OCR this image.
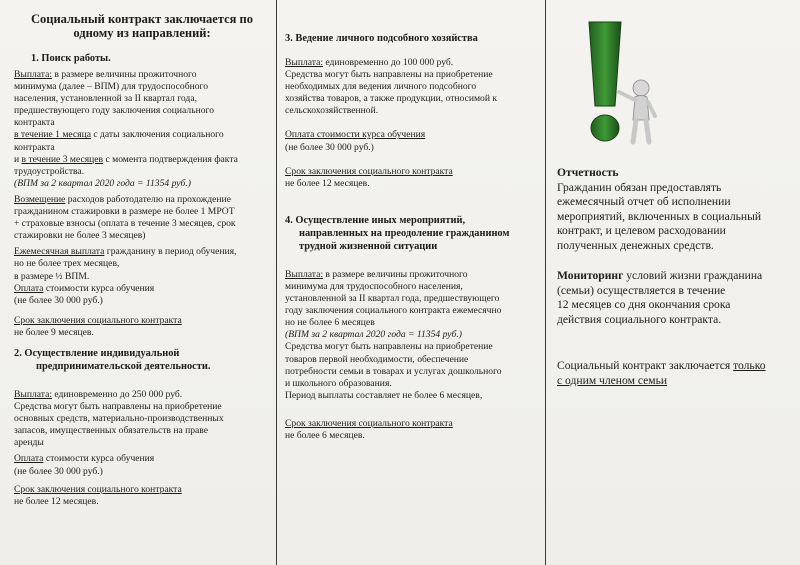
Социальный контракт заключается по
одному из направлений:
1. Поиск работы.

Выплата: в размере величины прожиточного
минимума (далее – ВПМ) для трудоспособного
населения, установленной за II квартал года,
предшествующего году заключения социального
контракта
в течение 1 месяца с даты заключения социального
контракта
и в течение 3 месяцев с момента подтверждения факта
трудоустройства.
(ВПМ за 2 квартал 2020 года = 11354 руб.)

Возмещение расходов работодателю на прохождение
гражданином стажировки в размере не более 1 МРОТ
+ страховые взносы (оплата в течение 3 месяцев, срок
стажировки не более 3 месяцев)

Ежемесячная выплата гражданину в период обучения,
но не более трех месяцев,
в размере ½ ВПМ.
Оплата стоимости курса обучения
(не более 30 000 руб.)

Срок заключения социального контракта
не более 9 месяцев.

2. Осуществление индивидуальной
предпринимательской деятельности.

Выплата: единовременно до 250 000 руб.
Средства могут быть направлены на приобретение
основных средств, материально-производственных
запасов, имущественных обязательств на праве
аренды

Оплата стоимости курса обучения
(не более 30 000 руб.)

Срок заключения социального контракта
не более 12 месяцев.

3. Ведение личного подсобного хозяйства

Выплата: единовременно до 100 000 руб.
Средства могут быть направлены на приобретение
необходимых для ведения личного подсобного
хозяйства товаров, а также продукции, относимой к
сельскохозяйственной.

Оплата стоимости курса обучения
(не более 30 000 руб.)

Срок заключения социального контракта
не более 12 месяцев.

4. Осуществление иных мероприятий,
направленных на преодоление гражданином
трудной жизненной ситуации

Выплата: в размере величины прожиточного
минимума для трудоспособного населения,
установленной за II квартал года, предшествующего
году заключения социального контракта ежемесячно
но не более 6 месяцев
(ВПМ за 2 квартал 2020 года = 11354 руб.)
Средства могут быть направлены на приобретение
товаров первой необходимости, обеспечение
потребности семьи в товарах и услугах дошкольного
и школьного образования.
Период выплаты составляет не более 6 месяцев,

Срок заключения социального контракта
не более 6 месяцев.

Отчетность

Гражданин обязан предоставлять
ежемесячный отчет об исполнении
мероприятий, включенных в социальный
контракт, и целевом расходовании
полученных денежных средств.

Мониторинг условий жизни гражданина
(семьи) осуществляется в течение
12 месяцев со дня окончания срока
действия социального контракта.

Социальный контракт заключается только
с одним членом семьи
